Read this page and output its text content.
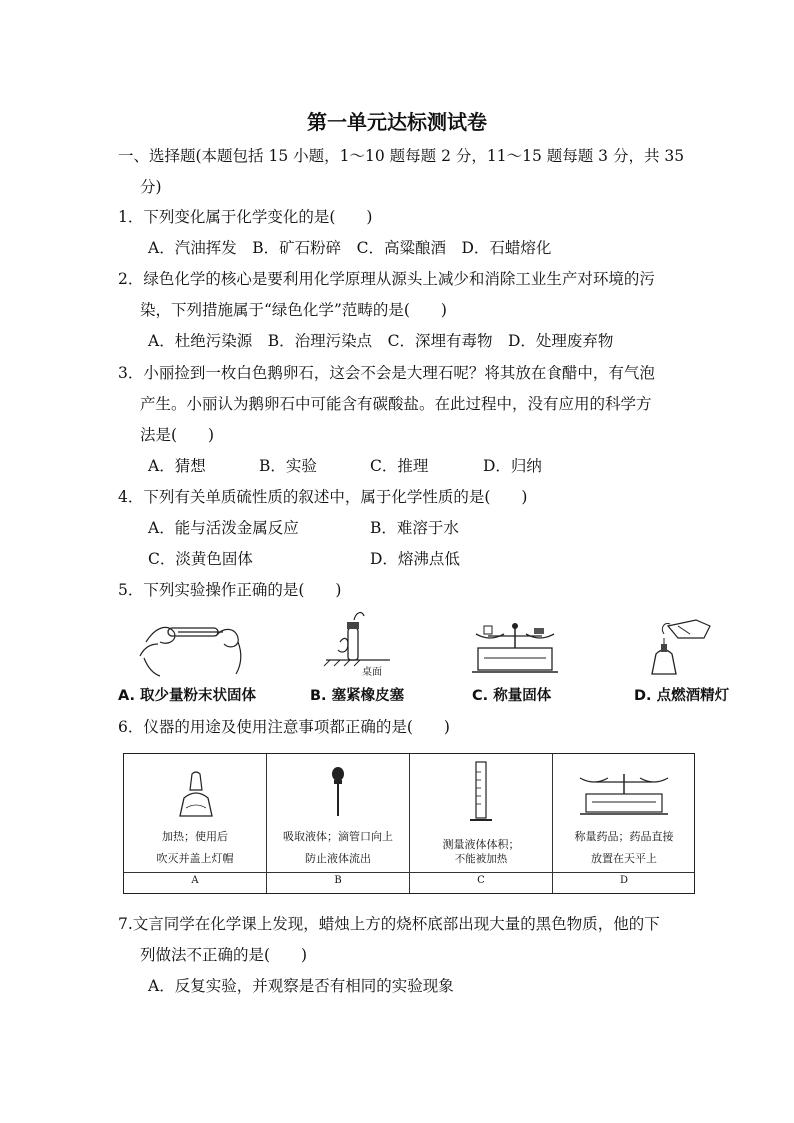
第一单元达标测试卷
一、选择题(本题包括 15 小题，1～10 题每题 2 分，11～15 题每题 3 分，共 35
分)
1．下列变化属于化学变化的是(　　)
A．汽油挥发　B．矿石粉碎　C．高粱酿酒　D．石蜡熔化
2．绿色化学的核心是要利用化学原理从源头上减少和消除工业生产对环境的污
染，下列措施属于“绿色化学”范畴的是(　　)
A．杜绝污染源　B．治理污染点　C．深埋有毒物　D．处理废弃物
3．小丽捡到一枚白色鹅卵石，这会不会是大理石呢？将其放在食醋中，有气泡
产生。小丽认为鹅卵石中可能含有碳酸盐。在此过程中，没有应用的科学方
法是(　　)
A．猜想	B．实验	C．推理	D．归纳
4．下列有关单质硫性质的叙述中，属于化学性质的是(　　)
A．能与活泼金属反应	B．难溶于水
C．淡黄色固体	D．熔沸点低
5．下列实验操作正确的是(　　)
桌面
A. 取少量粉末状固体	B. 塞紧橡皮塞	C. 称量固体	D. 点燃酒精灯
6．仪器的用途及使用注意事项都正确的是(　　)
加热；使用后
吹灭并盖上灯帽
A
吸取液体；滴管口向上
防止液体流出
B
测量液体体积；
不能被加热
C
称量药品；药品直接
放置在天平上
D
7.文言同学在化学课上发现，蜡烛上方的烧杯底部出现大量的黑色物质，他的下
列做法不正确的是(　　)
A．反复实验，并观察是否有相同的实验现象
